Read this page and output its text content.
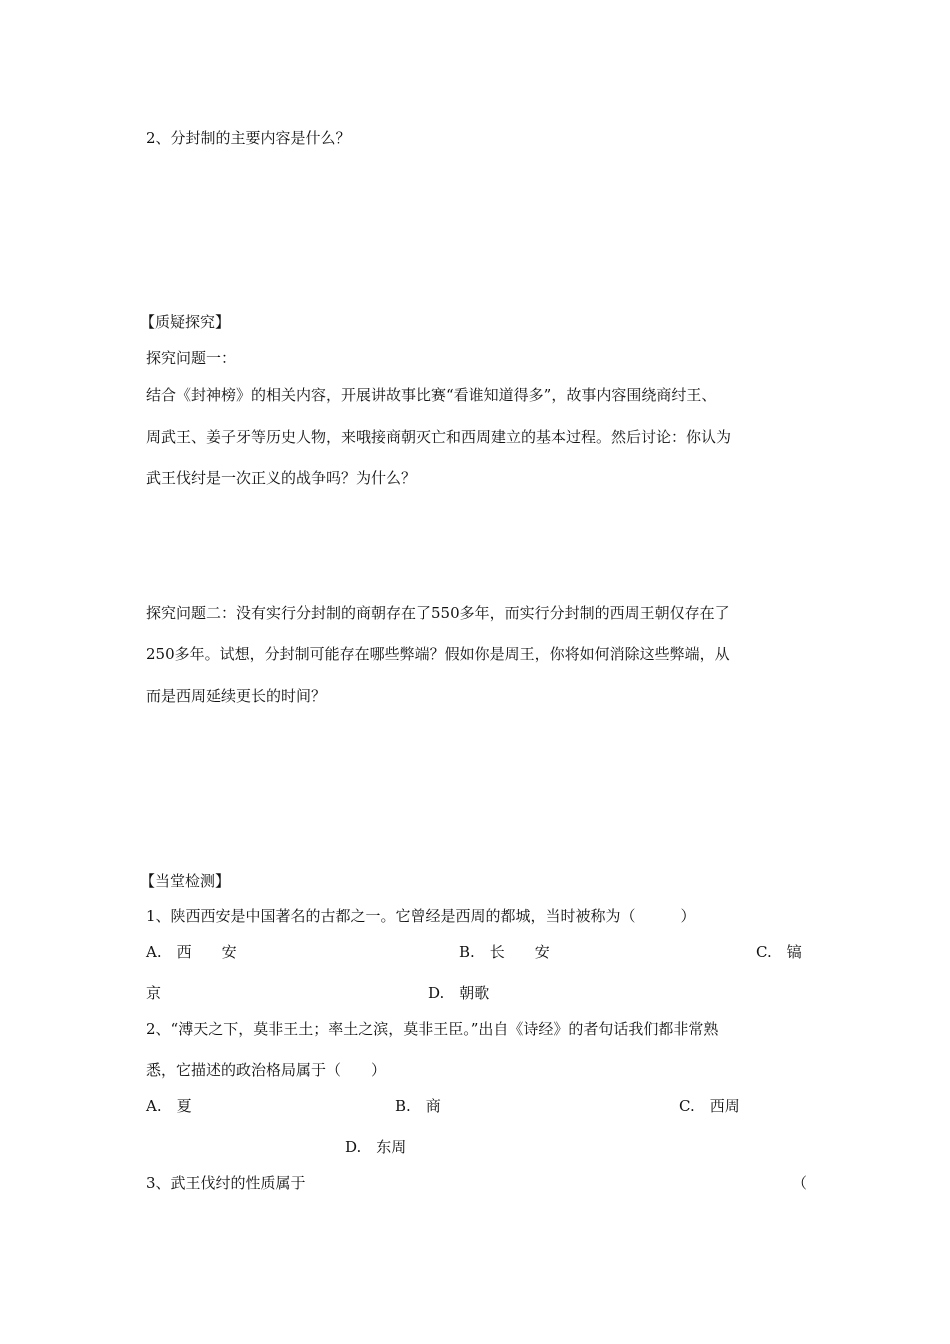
2、分封制的主要内容是什么？
【质疑探究】
探究问题一：
结合《封神榜》的相关内容，开展讲故事比赛“看谁知道得多”，故事内容围绕商纣王、
周武王、姜子牙等历史人物，来哦接商朝灭亡和西周建立的基本过程。然后讨论：你认为
武王伐纣是一次正义的战争吗？为什么？
探究问题二：没有实行分封制的商朝存在了550多年，而实行分封制的西周王朝仅存在了
250多年。试想，分封制可能存在哪些弊端？假如你是周王，你将如何消除这些弊端，从
而是西周延续更长的时间？
【当堂检测】
1、陕西西安是中国著名的古都之一。它曾经是西周的都城，当时被称为（　　　）
A.　西　　安	B.　长　　安	C.　镐
京	D.　朝歌
2、“溥天之下，莫非王土；率土之滨，莫非王臣。”出自《诗经》的者句话我们都非常熟
悉，它描述的政治格局属于（　　）
A.　夏	B.　商	C.　西周
D.　东周
3、武王伐纣的性质属于	（
